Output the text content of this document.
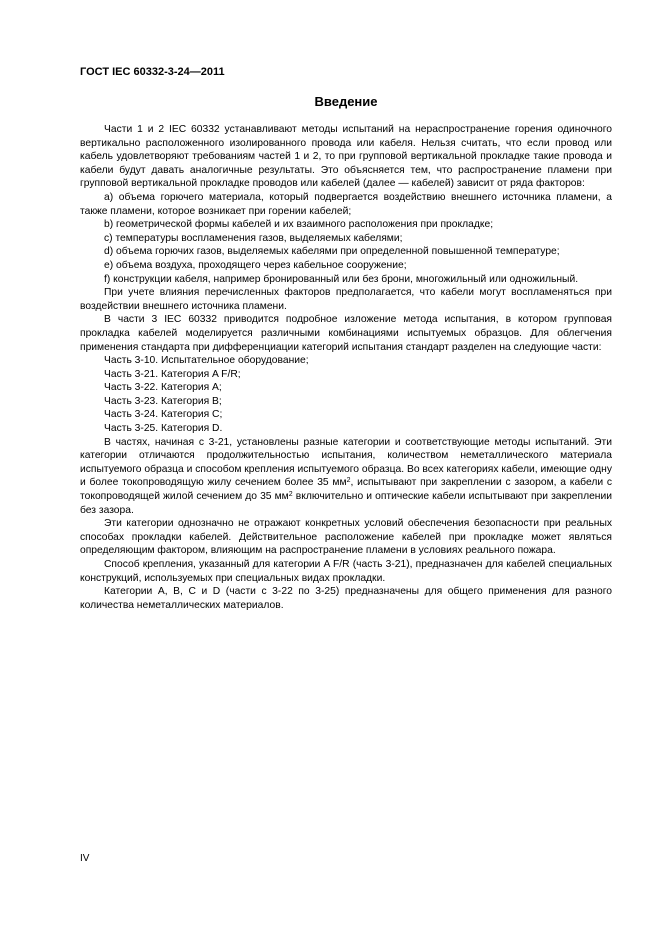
ГОСТ IEC 60332-3-24—2011
Введение

Части 1 и 2 IEC 60332 устанавливают методы испытаний на нераспространение горения одиночного вертикально расположенного изолированного провода или кабеля. Нельзя считать, что если провод или кабель удовлетворяют требованиям частей 1 и 2, то при групповой вертикальной прокладке такие провода и кабели будут давать аналогичные результаты. Это объясняется тем, что распространение пламени при групповой вертикальной прокладке проводов или кабелей (далее — кабелей) зависит от ряда факторов:

a) объема горючего материала, который подвергается воздействию внешнего источника пламени, а также пламени, которое возникает при горении кабелей;

b) геометрической формы кабелей и их взаимного расположения при прокладке;

c) температуры воспламенения газов, выделяемых кабелями;

d) объема горючих газов, выделяемых кабелями при определенной повышенной температуре;

e) объема воздуха, проходящего через кабельное сооружение;

f) конструкции кабеля, например бронированный или без брони, многожильный или одножильный.

При учете влияния перечисленных факторов предполагается, что кабели могут воспламеняться при воздействии внешнего источника пламени.

В части 3 IEC 60332 приводится подробное изложение метода испытания, в котором групповая прокладка кабелей моделируется различными комбинациями испытуемых образцов. Для облегчения применения стандарта при дифференциации категорий испытания стандарт разделен на следующие части:

Часть 3-10. Испытательное оборудование;

Часть 3-21. Категория A F/R;

Часть 3-22. Категория A;

Часть 3-23. Категория B;

Часть 3-24. Категория C;

Часть 3-25. Категория D.

В частях, начиная с 3-21, установлены разные категории и соответствующие методы испытаний. Эти категории отличаются продолжительностью испытания, количеством неметаллического материала испытуемого образца и способом крепления испытуемого образца. Во всех категориях кабели, имеющие одну и более токопроводящую жилу сечением более 35 $мм^2$, испытывают при закреплении с зазором, а кабели с токопроводящей жилой сечением до 35 $мм^2$ включительно и оптические кабели испытывают при закреплении без зазора.

Эти категории однозначно не отражают конкретных условий обеспечения безопасности при реальных способах прокладки кабелей. Действительное расположение кабелей при прокладке может являться определяющим фактором, влияющим на распространение пламени в условиях реального пожара.

Способ крепления, указанный для категории A F/R (часть 3-21), предназначен для кабелей специальных конструкций, используемых при специальных видах прокладки.

Категории A, B, C и D (части с 3-22 по 3-25) предназначены для общего применения для разного количества неметаллических материалов.

IV
